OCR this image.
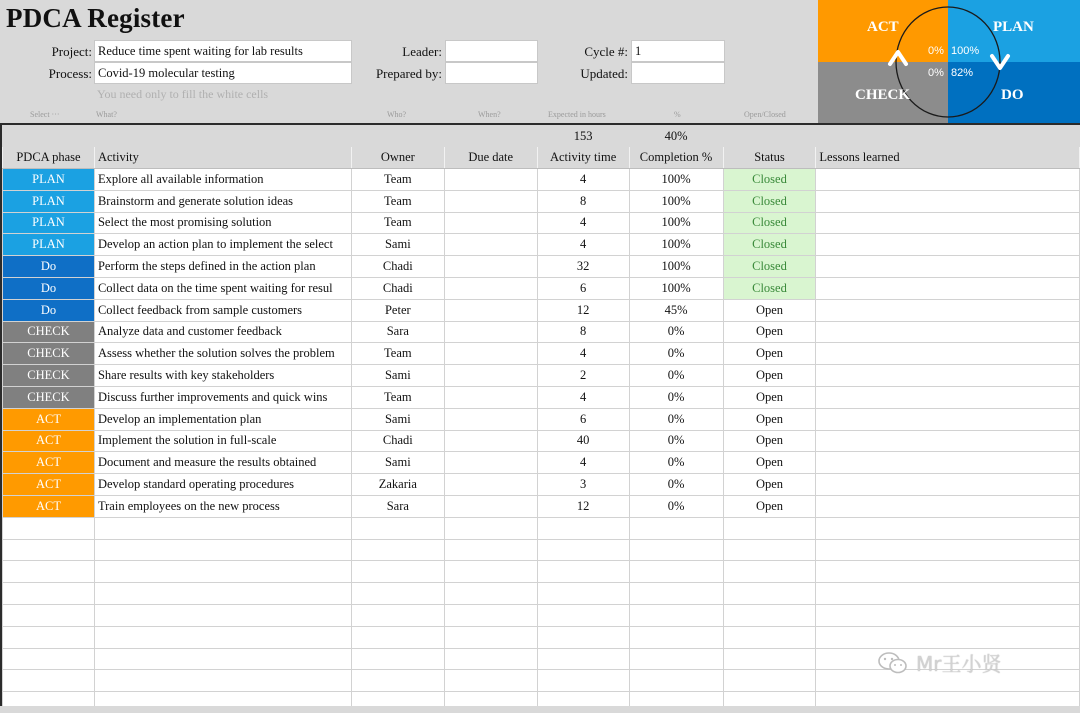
PDCA Register
Project: Reduce time spent waiting for lab results
Process: Covid-19 molecular testing
Leader:
Prepared by:
Cycle #: 1
Updated:
You need only to fill the white cells
Select ···	What?	Who?	When?	Expected in hours	%	Open/Closed
ACT	PLAN
CHECK	DO
0% 100%
0% 82%
				153	40%		
PDCA phase	Activity	Owner	Due date	Activity time	Completion %	Status	Lessons learned
PLAN	Explore all available information	Team		4	100%	Closed	
PLAN	Brainstorm and generate solution ideas	Team		8	100%	Closed	
PLAN	Select the most promising solution	Team		4	100%	Closed	
PLAN	Develop an action plan to implement the select	Sami		4	100%	Closed	
Do	Perform the steps defined in the action plan	Chadi		32	100%	Closed	
Do	Collect data on the time spent waiting for resul	Chadi		6	100%	Closed	
Do	Collect feedback from sample customers	Peter		12	45%	Open	
CHECK	Analyze data and customer feedback	Sara		8	0%	Open	
CHECK	Assess whether the solution solves the problem	Team		4	0%	Open	
CHECK	Share results with key stakeholders	Sami		2	0%	Open	
CHECK	Discuss further improvements and quick wins	Team		4	0%	Open	
ACT	Develop an implementation plan	Sami		6	0%	Open	
ACT	Implement the solution in full-scale	Chadi		40	0%	Open	
ACT	Document and measure the results obtained	Sami		4	0%	Open	
ACT	Develop standard operating procedures	Zakaria		3	0%	Open	
ACT	Train employees on the new process	Sara		12	0%	Open	

Mr王小贤
